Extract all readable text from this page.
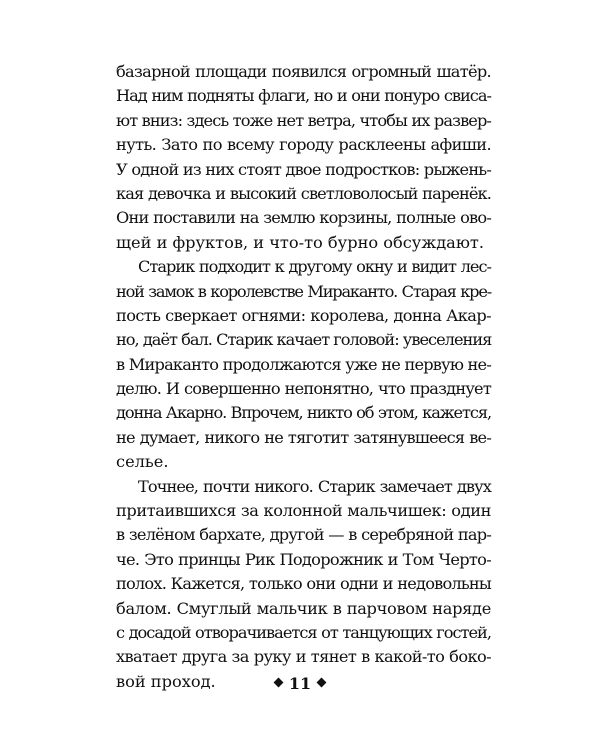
базарной площади появился огромный шатёр.
Над ним подняты флаги, но и они понуро свиса-
ют вниз: здесь тоже нет ветра, чтобы их развер-
нуть. Зато по всему городу расклеены афиши.
У одной из них стоят двое подростков: рыжень-
кая девочка и высокий светловолосый паренёк.
Они поставили на землю корзины, полные ово-
щей и фруктов, и что-то бурно обсуждают.
Старик подходит к другому окну и видит лес-
ной замок в королевстве Мираканто. Старая кре-
пость сверкает огнями: королева, донна Акар-
но, даёт бал. Старик качает головой: увеселения
в Мираканто продолжаются уже не первую не-
делю. И совершенно непонятно, что празднует
донна Акарно. Впрочем, никто об этом, кажется,
не думает, никого не тяготит затянувшееся ве-
селье.
Точнее, почти никого. Старик замечает двух
притаившихся за колонной мальчишек: один
в зелёном бархате, другой — в серебряной пар-
че. Это принцы Рик Подорожник и Том Черто-
полох. Кажется, только они одни и недовольны
балом. Смуглый мальчик в парчовом наряде
с досадой отворачивается от танцующих гостей,
хватает друга за руку и тянет в какой-то боко-
вой проход.	11
